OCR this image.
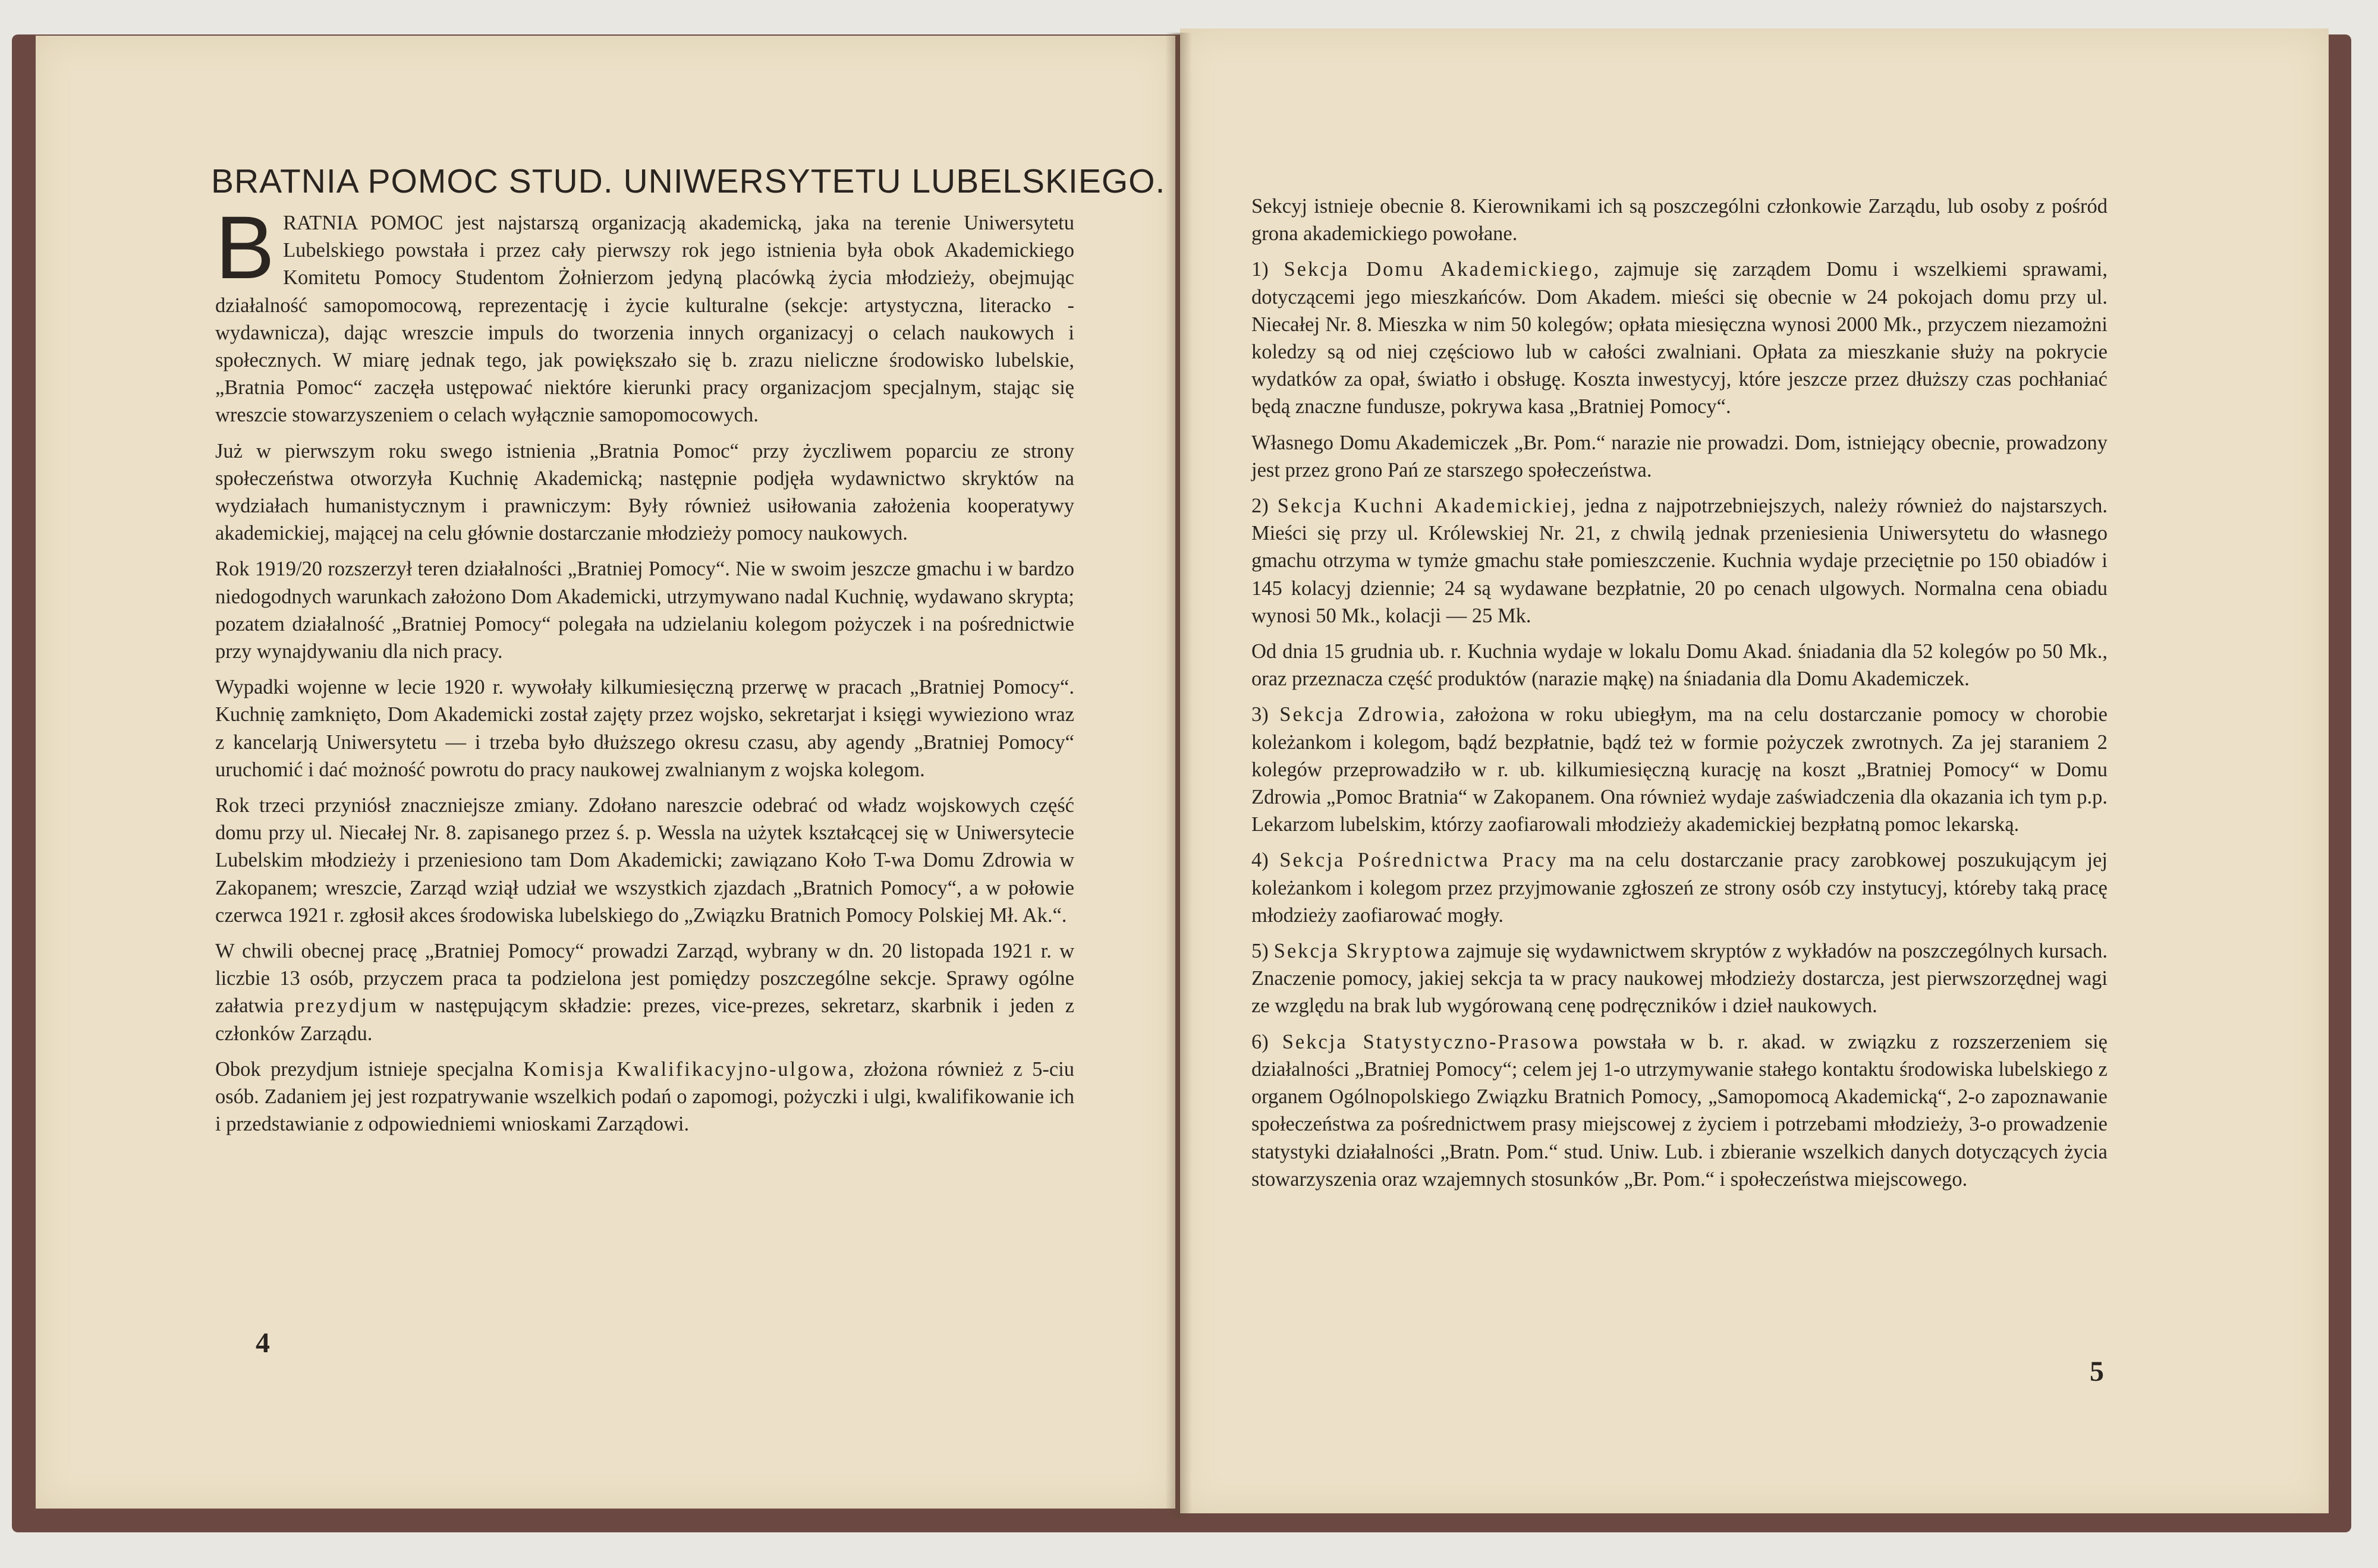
BRATNIA POMOC STUD. UNIWERSYTETU LUBELSKIEGO.

BRATNIA POMOC jest najstarszą organizacją akademicką, jaka na terenie Uniwersytetu Lubelskiego powstała i przez cały pierwszy rok jego istnienia była obok Akademickiego Komitetu Pomocy Studentom Żołnierzom jedyną placówką życia młodzieży, obejmując działalność samopomocową, reprezentację i życie kulturalne (sekcje: artystyczna, literacko - wydawnicza), dając wreszcie impuls do tworzenia innych organizacyj o celach naukowych i społecznych. W miarę jednak tego, jak powiększało się b. zrazu nieliczne środowisko lubelskie, „Bratnia Pomoc“ zaczęła ustępować niektóre kierunki pracy organizacjom specjalnym, stając się wreszcie stowarzyszeniem o celach wyłącznie samopomocowych.

Już w pierwszym roku swego istnienia „Bratnia Pomoc“ przy życzliwem poparciu ze strony społeczeństwa otworzyła Kuchnię Akademicką; następnie podjęła wydawnictwo skryktów na wydziałach humanistycznym i prawniczym: Były również usiłowania założenia kooperatywy akademickiej, mającej na celu głównie dostarczanie młodzieży pomocy naukowych.

Rok 1919/20 rozszerzył teren działalności „Bratniej Pomocy“. Nie w swoim jeszcze gmachu i w bardzo niedogodnych warunkach założono Dom Akademicki, utrzymywano nadal Kuchnię, wydawano skrypta; pozatem działalność „Bratniej Pomocy“ polegała na udzielaniu kolegom pożyczek i na pośrednictwie przy wynajdywaniu dla nich pracy.

Wypadki wojenne w lecie 1920 r. wywołały kilkumiesięczną przerwę w pracach „Bratniej Pomocy“. Kuchnię zamknięto, Dom Akademicki został zajęty przez wojsko, sekretarjat i księgi wywieziono wraz z kancelarją Uniwersytetu — i trzeba było dłuższego okresu czasu, aby agendy „Bratniej Pomocy“ uruchomić i dać możność powrotu do pracy naukowej zwalnianym z wojska kolegom.

Rok trzeci przyniósł znaczniejsze zmiany. Zdołano nareszcie odebrać od władz wojskowych część domu przy ul. Niecałej Nr. 8. zapisanego przez ś. p. Wessla na użytek kształcącej się w Uniwersytecie Lubelskim młodzieży i przeniesiono tam Dom Akademicki; zawiązano Koło T-wa Domu Zdrowia w Zakopanem; wreszcie, Zarząd wziął udział we wszystkich zjazdach „Bratnich Pomocy“, a w połowie czerwca 1921 r. zgłosił akces środowiska lubelskiego do „Związku Bratnich Pomocy Polskiej Mł. Ak.“.

W chwili obecnej pracę „Bratniej Pomocy“ prowadzi Zarząd, wybrany w dn. 20 listopada 1921 r. w liczbie 13 osób, przyczem praca ta podzielona jest pomiędzy poszczególne sekcje. Sprawy ogólne załatwia prezydjum w następującym składzie: prezes, vice-prezes, sekretarz, skarbnik i jeden z członków Zarządu.

Obok prezydjum istnieje specjalna Komisja Kwalifikacyjno-ulgowa, złożona również z 5-ciu osób. Zadaniem jej jest rozpatrywanie wszelkich podań o zapomogi, pożyczki i ulgi, kwalifikowanie ich i przedstawianie z odpowiedniemi wnioskami Zarządowi.

4

Sekcyj istnieje obecnie 8. Kierownikami ich są poszczególni członkowie Zarządu, lub osoby z pośród grona akademickiego powołane.

1) Sekcja Domu Akademickiego, zajmuje się zarządem Domu i wszelkiemi sprawami, dotyczącemi jego mieszkańców. Dom Akadem. mieści się obecnie w 24 pokojach domu przy ul. Niecałej Nr. 8. Mieszka w nim 50 kolegów; opłata miesięczna wynosi 2000 Mk., przyczem niezamożni koledzy są od niej częściowo lub w całości zwalniani. Opłata za mieszkanie służy na pokrycie wydatków za opał, światło i obsługę. Koszta inwestycyj, które jeszcze przez dłuższy czas pochłaniać będą znaczne fundusze, pokrywa kasa „Bratniej Pomocy“.

Własnego Domu Akademiczek „Br. Pom.“ narazie nie prowadzi. Dom, istniejący obecnie, prowadzony jest przez grono Pań ze starszego społeczeństwa.

2) Sekcja Kuchni Akademickiej, jedna z najpotrzebniejszych, należy również do najstarszych. Mieści się przy ul. Królewskiej Nr. 21, z chwilą jednak przeniesienia Uniwersytetu do własnego gmachu otrzyma w tymże gmachu stałe pomieszczenie. Kuchnia wydaje przeciętnie po 150 obiadów i 145 kolacyj dziennie; 24 są wydawane bezpłatnie, 20 po cenach ulgowych. Normalna cena obiadu wynosi 50 Mk., kolacji — 25 Mk.

Od dnia 15 grudnia ub. r. Kuchnia wydaje w lokalu Domu Akad. śniadania dla 52 kolegów po 50 Mk., oraz przeznacza część produktów (narazie mąkę) na śniadania dla Domu Akademiczek.

3) Sekcja Zdrowia, założona w roku ubiegłym, ma na celu dostarczanie pomocy w chorobie koleżankom i kolegom, bądź bezpłatnie, bądź też w formie pożyczek zwrotnych. Za jej staraniem 2 kolegów przeprowadziło w r. ub. kilkumiesięczną kurację na koszt „Bratniej Pomocy“ w Domu Zdrowia „Pomoc Bratnia“ w Zakopanem. Ona również wydaje zaświadczenia dla okazania ich tym p.p. Lekarzom lubelskim, którzy zaofiarowali młodzieży akademickiej bezpłatną pomoc lekarską.

4) Sekcja Pośrednictwa Pracy ma na celu dostarczanie pracy zarobkowej poszukującym jej koleżankom i kolegom przez przyjmowanie zgłoszeń ze strony osób czy instytucyj, któreby taką pracę młodzieży zaofiarować mogły.

5) Sekcja Skryptowa zajmuje się wydawnictwem skryptów z wykładów na poszczególnych kursach. Znaczenie pomocy, jakiej sekcja ta w pracy naukowej młodzieży dostarcza, jest pierwszorzędnej wagi ze względu na brak lub wygórowaną cenę podręczników i dzieł naukowych.

6) Sekcja Statystyczno-Prasowa powstała w b. r. akad. w związku z rozszerzeniem się działalności „Bratniej Pomocy“; celem jej 1-o utrzymywanie stałego kontaktu środowiska lubelskiego z organem Ogólnopolskiego Związku Bratnich Pomocy, „Samopomocą Akademicką“, 2-o zapoznawanie społeczeństwa za pośrednictwem prasy miejscowej z życiem i potrzebami młodzieży, 3-o prowadzenie statystyki działalności „Bratn. Pom.“ stud. Uniw. Lub. i zbieranie wszelkich danych dotyczących życia stowarzyszenia oraz wzajemnych stosunków „Br. Pom.“ i społeczeństwa miejscowego.

5
